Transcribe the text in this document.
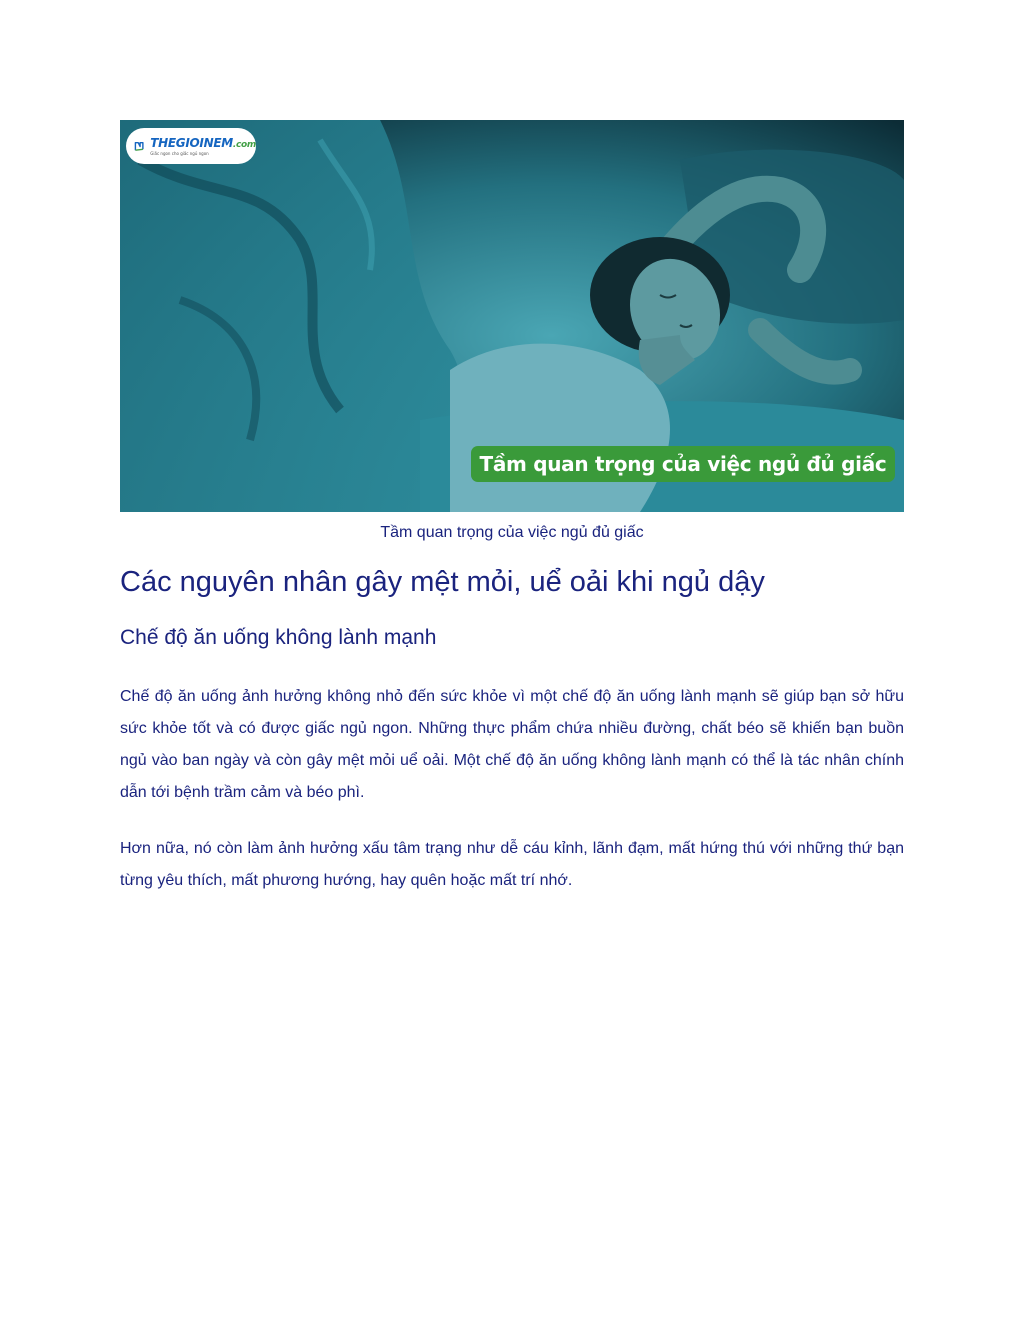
THEGIOINEM.com
Giấc ngon cho giấc ngủ ngon
Tầm quan trọng của việc ngủ đủ giấc
Tầm quan trọng của việc ngủ đủ giấc
Các nguyên nhân gây mệt mỏi, uể oải khi ngủ dậy
Chế độ ăn uống không lành mạnh

Chế độ ăn uống ảnh hưởng không nhỏ đến sức khỏe vì một chế độ ăn uống lành mạnh sẽ giúp bạn sở hữu sức khỏe tốt và có được giấc ngủ ngon. Những thực phẩm chứa nhiều đường, chất béo sẽ khiến bạn buồn ngủ vào ban ngày và còn gây mệt mỏi uể oải. Một chế độ ăn uống không lành mạnh có thể là tác nhân chính dẫn tới bệnh trầm cảm và béo phì.

Hơn nữa, nó còn làm ảnh hưởng xấu tâm trạng như dễ cáu kỉnh, lãnh đạm, mất hứng thú với những thứ bạn từng yêu thích, mất phương hướng, hay quên hoặc mất trí nhớ.
